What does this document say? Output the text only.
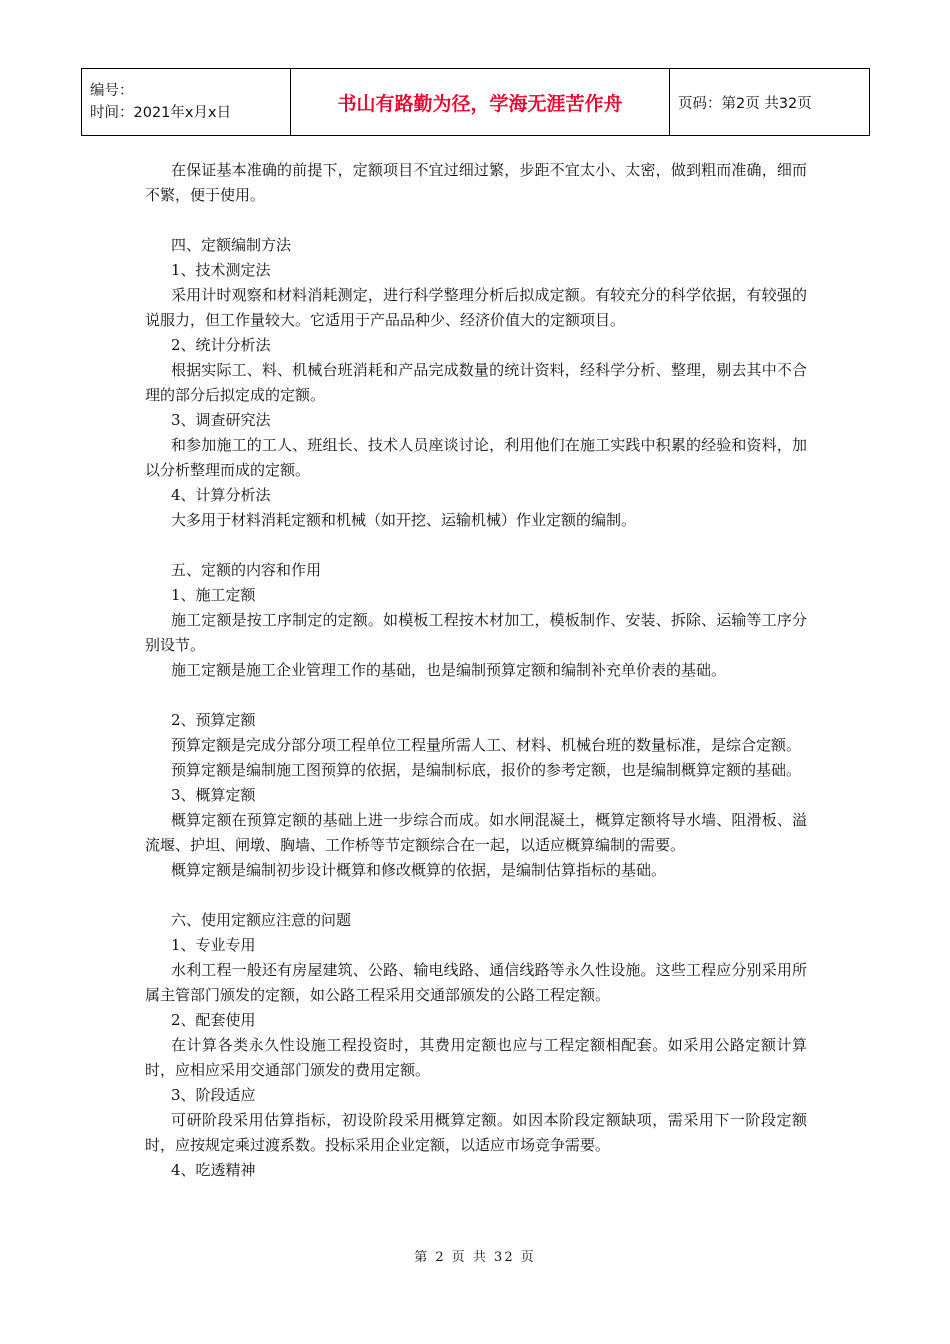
编号：
时间：2021年x月x日	书山有路勤为径，学海无涯苦作舟	页码：第2页 共32页

在保证基本准确的前提下，定额项目不宜过细过繁，步距不宜太小、太密，做到粗而准确，细而不繁，便于使用。

四、定额编制方法

1、技术测定法

采用计时观察和材料消耗测定，进行科学整理分析后拟成定额。有较充分的科学依据，有较强的说服力，但工作量较大。它适用于产品品种少、经济价值大的定额项目。

2、统计分析法

根据实际工、料、机械台班消耗和产品完成数量的统计资料，经科学分析、整理，剔去其中不合理的部分后拟定成的定额。

3、调查研究法

和参加施工的工人、班组长、技术人员座谈讨论，利用他们在施工实践中积累的经验和资料，加以分析整理而成的定额。

4、计算分析法

大多用于材料消耗定额和机械（如开挖、运输机械）作业定额的编制。

五、定额的内容和作用

1、施工定额

施工定额是按工序制定的定额。如模板工程按木材加工，模板制作、安装、拆除、运输等工序分别设节。

施工定额是施工企业管理工作的基础，也是编制预算定额和编制补充单价表的基础。

2、预算定额

预算定额是完成分部分项工程单位工程量所需人工、材料、机械台班的数量标准，是综合定额。

预算定额是编制施工图预算的依据，是编制标底，报价的参考定额，也是编制概算定额的基础。

3、概算定额

概算定额在预算定额的基础上进一步综合而成。如水闸混凝土，概算定额将导水墙、阻滑板、溢流堰、护坦、闸墩、胸墙、工作桥等节定额综合在一起，以适应概算编制的需要。

概算定额是编制初步设计概算和修改概算的依据，是编制估算指标的基础。

六、使用定额应注意的问题

1、专业专用

水利工程一般还有房屋建筑、公路、输电线路、通信线路等永久性设施。这些工程应分别采用所属主管部门颁发的定额，如公路工程采用交通部颁发的公路工程定额。

2、配套使用

在计算各类永久性设施工程投资时，其费用定额也应与工程定额相配套。如采用公路定额计算时，应相应采用交通部门颁发的费用定额。

3、阶段适应

可研阶段采用估算指标，初设阶段采用概算定额。如因本阶段定额缺项，需采用下一阶段定额时，应按规定乘过渡系数。投标采用企业定额，以适应市场竞争需要。

4、吃透精神

第 2 页 共 32 页
